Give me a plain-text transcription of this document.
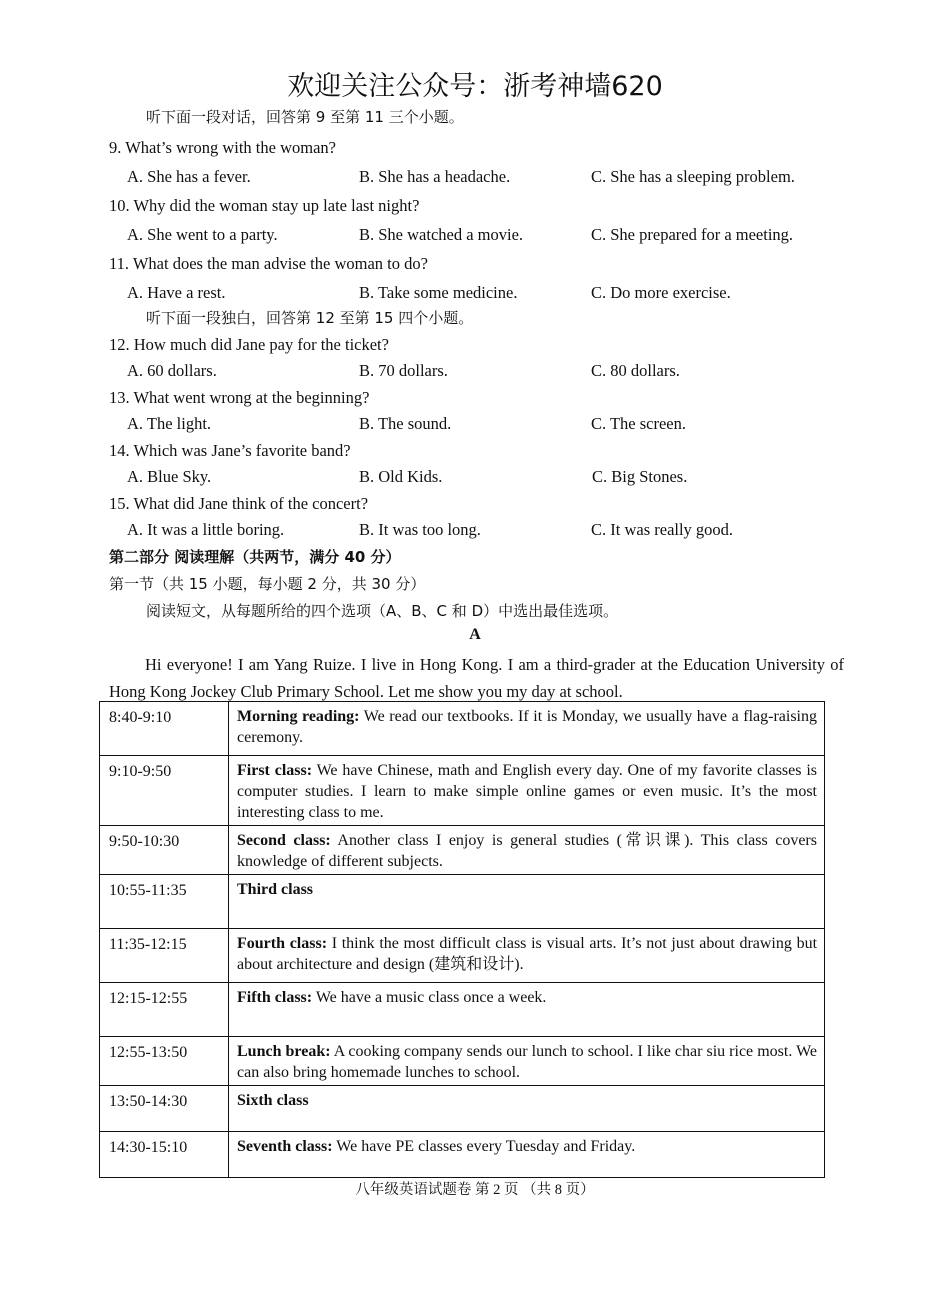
欢迎关注公众号：浙考神墙620
听下面一段对话，回答第 9 至第 11 三个小题。
9. What’s wrong with the woman?
A. She has a fever.	B. She has a headache.	C. She has a sleeping problem.
10. Why did the woman stay up late last night?
A. She went to a party.	B. She watched a movie.	C. She prepared for a meeting.
11. What does the man advise the woman to do?
A. Have a rest.	B. Take some medicine.	C. Do more exercise.
听下面一段独白，回答第 12 至第 15 四个小题。
12. How much did Jane pay for the ticket?
A. 60 dollars.	B. 70 dollars.	C. 80 dollars.
13. What went wrong at the beginning?
A. The light.	B. The sound.	C. The screen.
14. Which was Jane’s favorite band?
A. Blue Sky.	B. Old Kids.	C. Big Stones.
15. What did Jane think of the concert?
A. It was a little boring.	B. It was too long.	C. It was really good.
第二部分 阅读理解（共两节，满分 40 分）
第一节（共 15 小题，每小题 2 分，共 30 分）
阅读短文，从每题所给的四个选项（A、B、C 和 D）中选出最佳选项。
A
Hi everyone! I am Yang Ruize. I live in Hong Kong. I am a third-grader at the Education University of Hong Kong Jockey Club Primary School. Let me show you my day at school.
8:40-9:10	Morning reading: We read our textbooks. If it is Monday, we usually have a flag-raising ceremony.
9:10-9:50	First class: We have Chinese, math and English every day. One of my favorite classes is computer studies. I learn to make simple online games or even music. It’s the most interesting class to me.
9:50-10:30	Second class: Another class I enjoy is general studies (常识课). This class covers knowledge of different subjects.
10:55-11:35	Third class
11:35-12:15	Fourth class: I think the most difficult class is visual arts. It’s not just about drawing but about architecture and design (建筑和设计).
12:15-12:55	Fifth class: We have a music class once a week.
12:55-13:50	Lunch break: A cooking company sends our lunch to school. I like char siu rice most. We can also bring homemade lunches to school.
13:50-14:30	Sixth class
14:30-15:10	Seventh class: We have PE classes every Tuesday and Friday.
八年级英语试题卷 第 2 页 （共 8 页）
